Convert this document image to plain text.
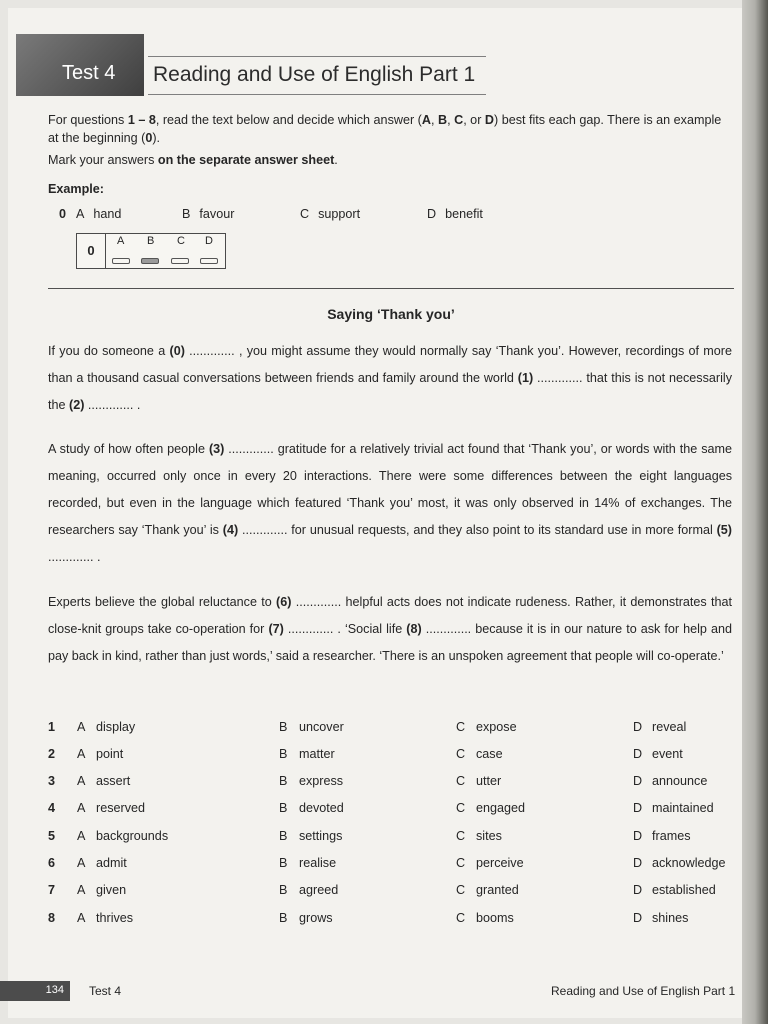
Test 4 Reading and Use of English Part 1
For questions 1 – 8, read the text below and decide which answer (A, B, C, or D) best fits each gap. There is an example at the beginning (0).
Mark your answers on the separate answer sheet.
Example:
0 A hand	B favour	C support	D benefit
0
A B C D
Saying ‘Thank you’
If you do someone a (0) ............. , you might assume they would normally say ‘Thank you’. However, recordings of more than a thousand casual conversations between friends and family around the world (1) ............. that this is not necessarily the (2) ............. .
A study of how often people (3) ............. gratitude for a relatively trivial act found that ‘Thank you’, or words with the same meaning, occurred only once in every 20 interactions. There were some differences between the eight languages recorded, but even in the language which featured ‘Thank you’ most, it was only observed in 14% of exchanges. The researchers say ‘Thank you’ is (4) ............. for unusual requests, and they also point to its standard use in more formal (5) ............. .
Experts believe the global reluctance to (6) ............. helpful acts does not indicate rudeness. Rather, it demonstrates that close-knit groups take co-operation for (7) ............. . ‘Social life (8) ............. because it is in our nature to ask for help and pay back in kind, rather than just words,’ said a researcher. ‘There is an unspoken agreement that people will co-operate.’
1 A display	B uncover	C expose	D reveal
2 A point	B matter	C case	D event
3 A assert	B express	C utter	D announce
4 A reserved	B devoted	C engaged	D maintained
5 A backgrounds	B settings	C sites	D frames
6 A admit	B realise	C perceive	D acknowledge
7 A given	B agreed	C granted	D established
8 A thrives	B grows	C booms	D shines
134 Test 4	Reading and Use of English Part 1
